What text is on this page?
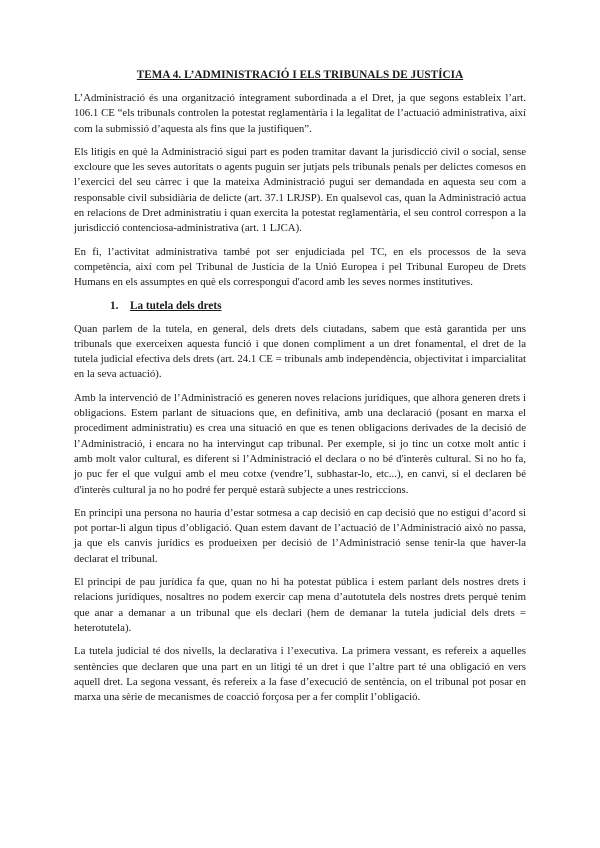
TEMA 4. L’ADMINISTRACIÓ I ELS TRIBUNALS DE JUSTÍCIA

L’Administració és una organització íntegrament subordinada a el Dret, ja que segons estableix l’art. 106.1 CE “els tribunals controlen la potestat reglamentària i la legalitat de l’actuació administrativa, així com la submissió d’aquesta als fins que la justifiquen”.

Els litigis en què la Administració sigui part es poden tramitar davant la jurisdicció civil o social, sense excloure que les seves autoritats o agents puguin ser jutjats pels tribunals penals per delictes comesos en l’exercici del seu càrrec i que la mateixa Administració pugui ser demandada en aquesta seu com a responsable civil subsidiària de delicte (art. 37.1 LRJSP). En qualsevol cas, quan la Administració actua en relacions de Dret administratiu i quan exercita la potestat reglamentària, el seu control correspon a la jurisdicció contenciosa-administrativa (art. 1 LJCA).

En fi, l’activitat administrativa també pot ser enjudiciada pel TC, en els processos de la seva competència, així com pel Tribunal de Justícia de la Unió Europea i pel Tribunal Europeu de Drets Humans en els assumptes en què els correspongui d'acord amb les seves normes institutives.

1. La tutela dels drets

Quan parlem de la tutela, en general, dels drets dels ciutadans, sabem que està garantida per uns tribunals que exerceixen aquesta funció i que donen compliment a un dret fonamental, el dret de la tutela judicial efectiva dels drets (art. 24.1 CE = tribunals amb independència, objectivitat i imparcialitat en la seva actuació).

Amb la intervenció de l’Administració es generen noves relacions jurídiques, que alhora generen drets i obligacions. Estem parlant de situacions que, en definitiva, amb una declaració (posant en marxa el procediment administratiu) es crea una situació en que es tenen obligacions derivades de la decisió de l’Administració, i encara no ha intervingut cap tribunal. Per exemple, si jo tinc un cotxe molt antic i amb molt valor cultural, es diferent si l’Administració el declara o no bé d'interès cultural. Si no ho fa, jo puc fer el que vulgui amb el meu cotxe (vendre’l, subhastar-lo, etc...), en canvi, si el declaren bé d'interès cultural ja no ho podré fer perquè estarà subjecte a unes restriccions.

En principi una persona no hauria d’estar sotmesa a cap decisió en cap decisió que no estigui d’acord si pot portar-li algun tipus d’obligació. Quan estem davant de l’actuació de l’Administració això no passa, ja que els canvis jurídics es produeixen per decisió de l’Administració sense tenir-la que haver-la declarat el tribunal.

El principi de pau jurídica fa que, quan no hi ha potestat pública i estem parlant dels nostres drets i relacions jurídiques, nosaltres no podem exercir cap mena d’autotutela dels nostres drets perquè tenim que anar a demanar a un tribunal que els declari (hem de demanar la tutela judicial dels drets = heterotutela).

La tutela judicial té dos nivells, la declarativa i l’executiva. La primera vessant, es refereix a aquelles sentències que declaren que una part en un litigi té un dret i que l’altre part té una obligació en vers aquell dret. La segona vessant, és refereix a la fase d’execució de sentència, on el tribunal pot posar en marxa una sèrie de mecanismes de coacció forçosa per a fer complit l’obligació.
